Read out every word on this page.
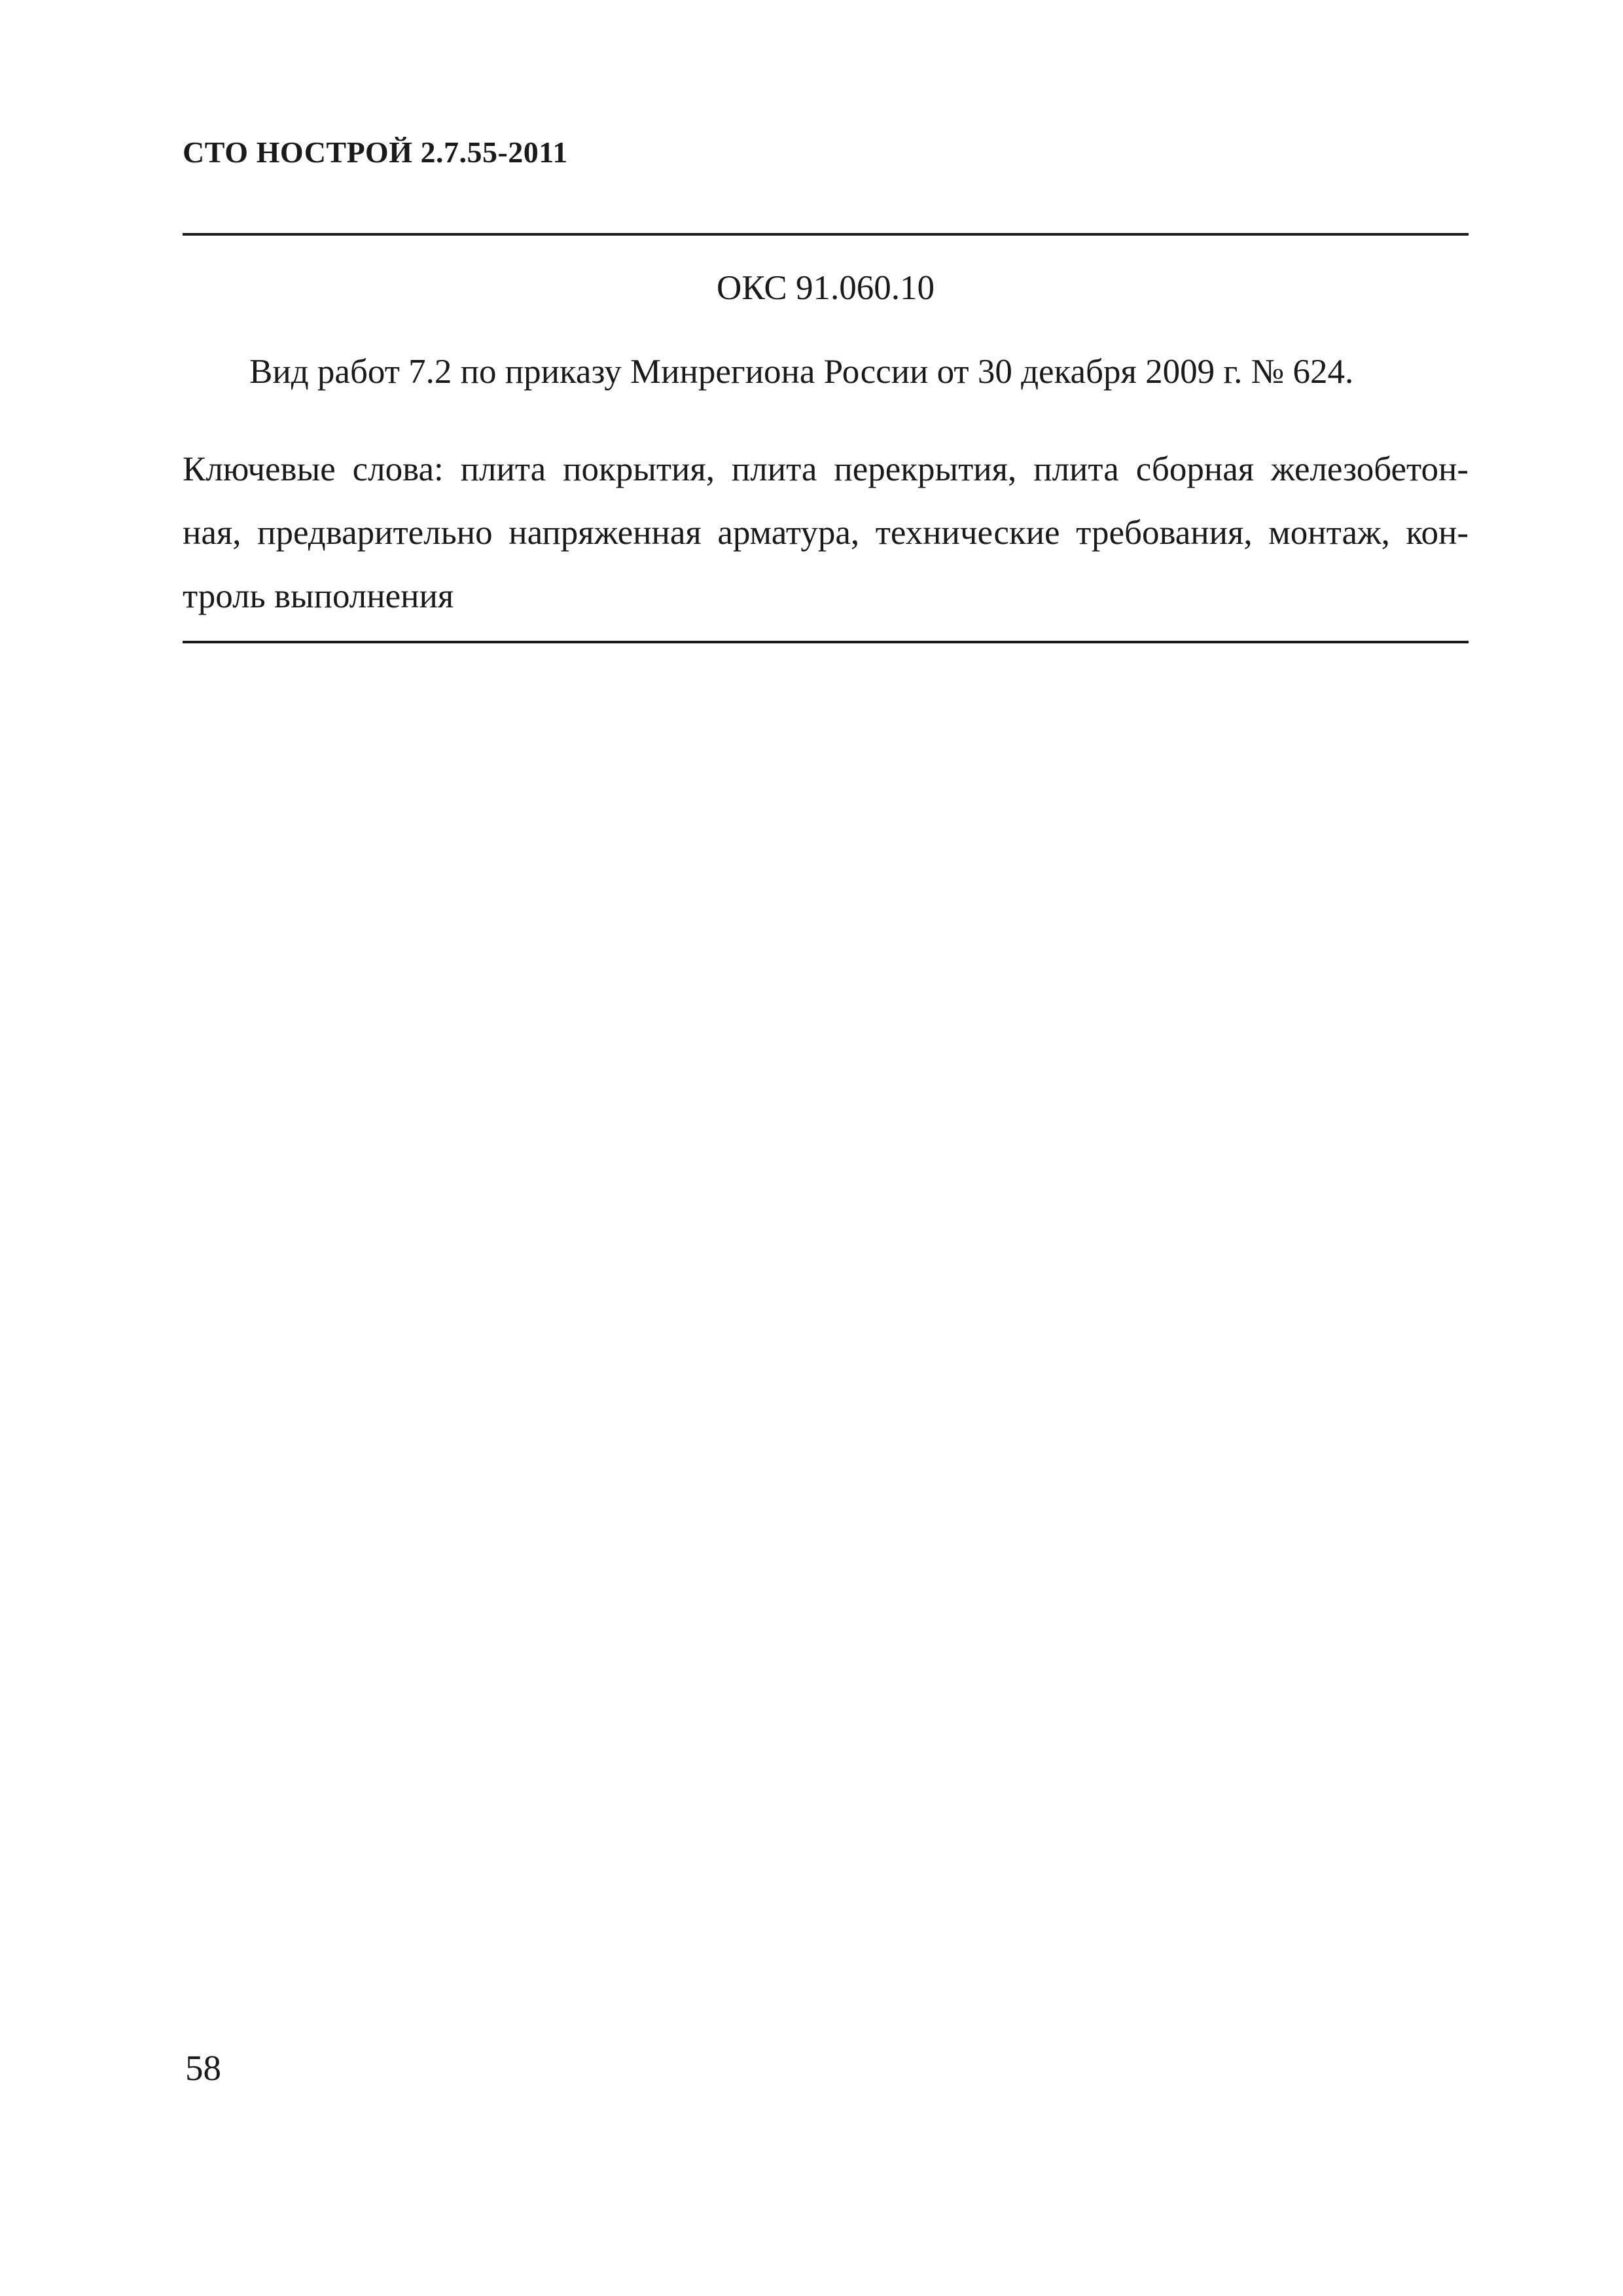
СТО НОСТРОЙ 2.7.55-2011
ОКС 91.060.10
Вид работ 7.2 по приказу Минрегиона России от 30 декабря 2009 г. № 624.
Ключевые слова: плита покрытия, плита перекрытия, плита сборная железобетон-
ная, предварительно напряженная арматура, технические требования, монтаж, кон-
троль выполнения
58
